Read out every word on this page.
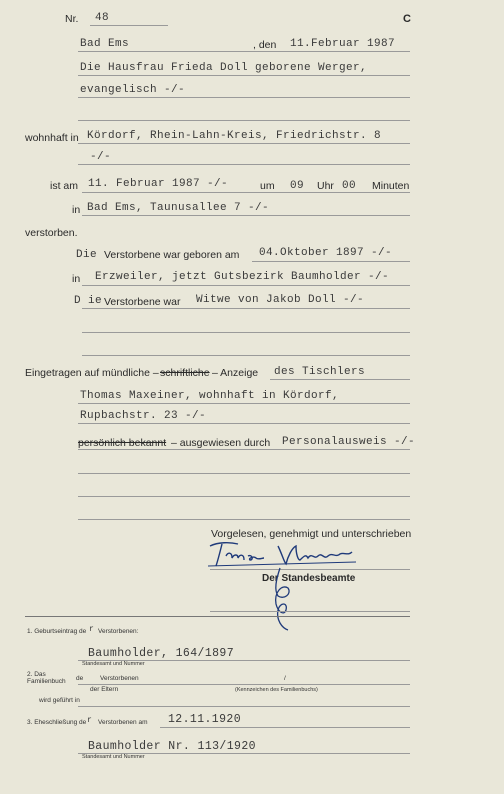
Nr. 48	C
Bad Ems	, den 11.Februar 1987
Die Hausfrau Frieda Doll geborene Werger,
evangelisch -/-
wohnhaft in Kördorf, Rhein-Lahn-Kreis, Friedrichstr. 8
-/-
ist am 11. Februar 1987 -/-	um 09 Uhr 00 Minuten
in Bad Ems, Taunusallee 7 -/-
verstorben.
Die Verstorbene war geboren am 04.Oktober 1897 -/-
in Erzweiler, jetzt Gutsbezirk Baumholder -/-
D ie Verstorbene war Witwe von Jakob Doll -/-
Eingetragen auf mündliche – schriftliche – Anzeige des Tischlers
Thomas Maxeiner, wohnhaft in Kördorf,
Rupbachstr. 23 -/-
persönlich bekannt – ausgewiesen durch Personalausweis -/-
Vorgelesen, genehmigt und unterschrieben
Der Standesbeamte
1. Geburtseintrag de r Verstorbenen:
Baumholder, 164/1897
Standesamt und Nummer
2. Das
Familienbuch de	Verstorbenen	/
der Eltern	(Kennzeichen des Familienbuchs)
wird geführt in
3. Eheschließung de r Verstorbenen am 12.11.1920
Baumholder Nr. 113/1920
Standesamt und Nummer
